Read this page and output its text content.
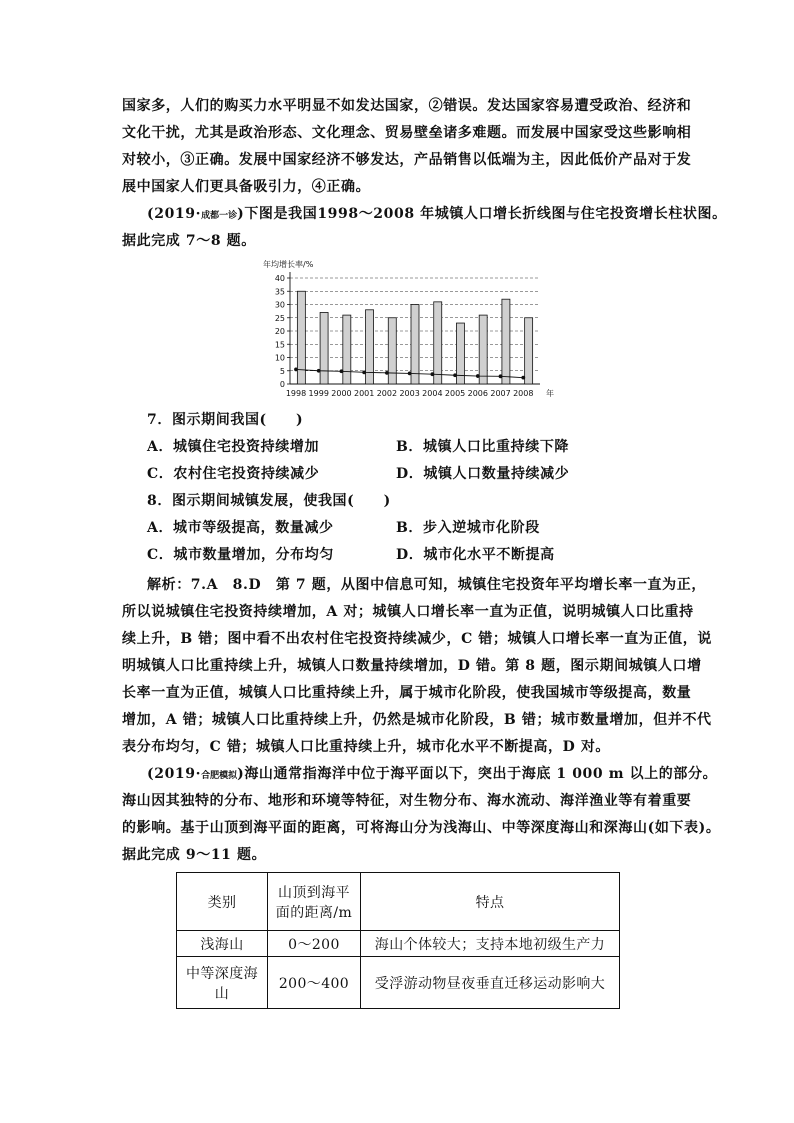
国家多，人们的购买力水平明显不如发达国家，②错误。发达国家容易遭受政治、经济和
文化干扰，尤其是政治形态、文化理念、贸易壁垒诸多难题。而发展中国家受这些影响相
对较小，③正确。发展中国家经济不够发达，产品销售以低端为主，因此低价产品对于发
展中国家人们更具备吸引力，④正确。
(2019·成都一诊)下图是我国1998～2008 年城镇人口增长折线图与住宅投资增长柱状图。
据此完成 7～8 题。
年均增长率/%
0
5
10
15
20
25
30
35
40
1998 1999 2000 2001 2002 2003 2004 2005 2006 2007 2008 年
7．图示期间我国(　　)
A．城镇住宅投资持续增加	B．城镇人口比重持续下降
C．农村住宅投资持续减少	D．城镇人口数量持续减少
8．图示期间城镇发展，使我国(　　)
A．城市等级提高，数量减少	B．步入逆城市化阶段
C．城市数量增加，分布均匀	D．城市化水平不断提高
解析：7.A　8.D　第 7 题，从图中信息可知，城镇住宅投资年平均增长率一直为正，
所以说城镇住宅投资持续增加，A 对；城镇人口增长率一直为正值，说明城镇人口比重持
续上升，B 错；图中看不出农村住宅投资持续减少，C 错；城镇人口增长率一直为正值，说
明城镇人口比重持续上升，城镇人口数量持续增加，D 错。第 8 题，图示期间城镇人口增
长率一直为正值，城镇人口比重持续上升，属于城市化阶段，使我国城市等级提高，数量
增加，A 错；城镇人口比重持续上升，仍然是城市化阶段，B 错；城市数量增加，但并不代
表分布均匀，C 错；城镇人口比重持续上升，城市化水平不断提高，D 对。
(2019·合肥模拟)海山通常指海洋中位于海平面以下，突出于海底 1 000 m 以上的部分。
海山因其独特的分布、地形和环境等特征，对生物分布、海水流动、海洋渔业等有着重要
的影响。基于山顶到海平面的距离，可将海山分为浅海山、中等深度海山和深海山(如下表)。
据此完成 9～11 题。
类别	山顶到海平
面的距离/m	特点
浅海山	0～200	海山个体较大；支持本地初级生产力

中等深度海
山	200～400	受浮游动物昼夜垂直迁移运动影响大
